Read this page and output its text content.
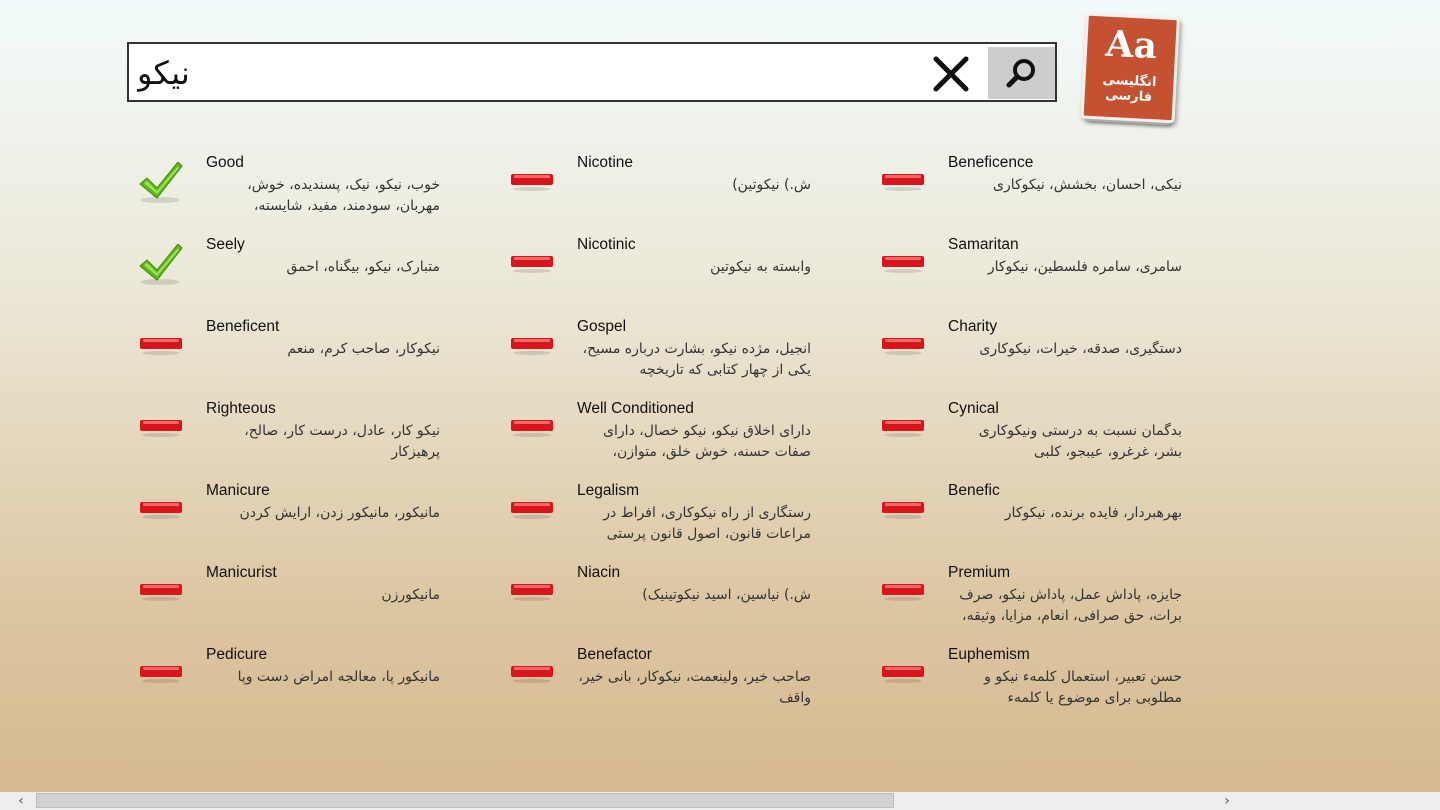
نیکو
Aa
انگلیسی
فارسی
Good
خوب، نیکو، نیک، پسندیده، خوش، مهربان، سودمند، مفید، شایسته،
Nicotine
ش.) نیکوتین)
Beneficence
نیکی، احسان، بخشش، نیکوکاری
Seely
متبارک، نیکو، بیگناه، احمق
Nicotinic
وابسته به نیکوتین
Samaritan
سامری، سامره فلسطین، نیکوکار
Beneficent
نیکوکار، صاحب کرم، منعم
Gospel
انجیل، مژده نیکو، بشارت درباره مسیح، یکی از چهار کتابی که تاریخچه
Charity
دستگیری، صدقه، خیرات، نیکوکاری
Righteous
نیکو کار، عادل، درست کار، صالح، پرهیزکار
Well Conditioned
دارای اخلاق نیکو، نیکو خصال، دارای صفات حسنه، خوش خلق، متوازن،
Cynical
بدگمان نسبت به درستی ونیکوکاری بشر، غرغرو، عیبجو، کلبی
Manicure
مانیکور، مانیکور زدن، ارایش کردن
Legalism
رستگاری از راه نیکوکاری، افراط در مراعات قانون، اصول قانون پرستی
Benefic
بهرهبردار، فایده برنده، نیکوکار
Manicurist
مانیکورزن
Niacin
ش.) نیاسین، اسید نیکوتینیک)
Premium
جایزه، پاداش عمل، پاداش نیکو، صرف برات، حق صرافی، انعام، مزایا، وثیقه،
Pedicure
مانیکور پا، معالجه امراض دست وپا
Benefactor
صاحب خیر، ولینعمت، نیکوکار، بانی خیر، واقف
Euphemism
حسن تعبیر، استعمال کلمهء نیکو و مطلوبی برای موضوع یا کلمهء
‹	›
